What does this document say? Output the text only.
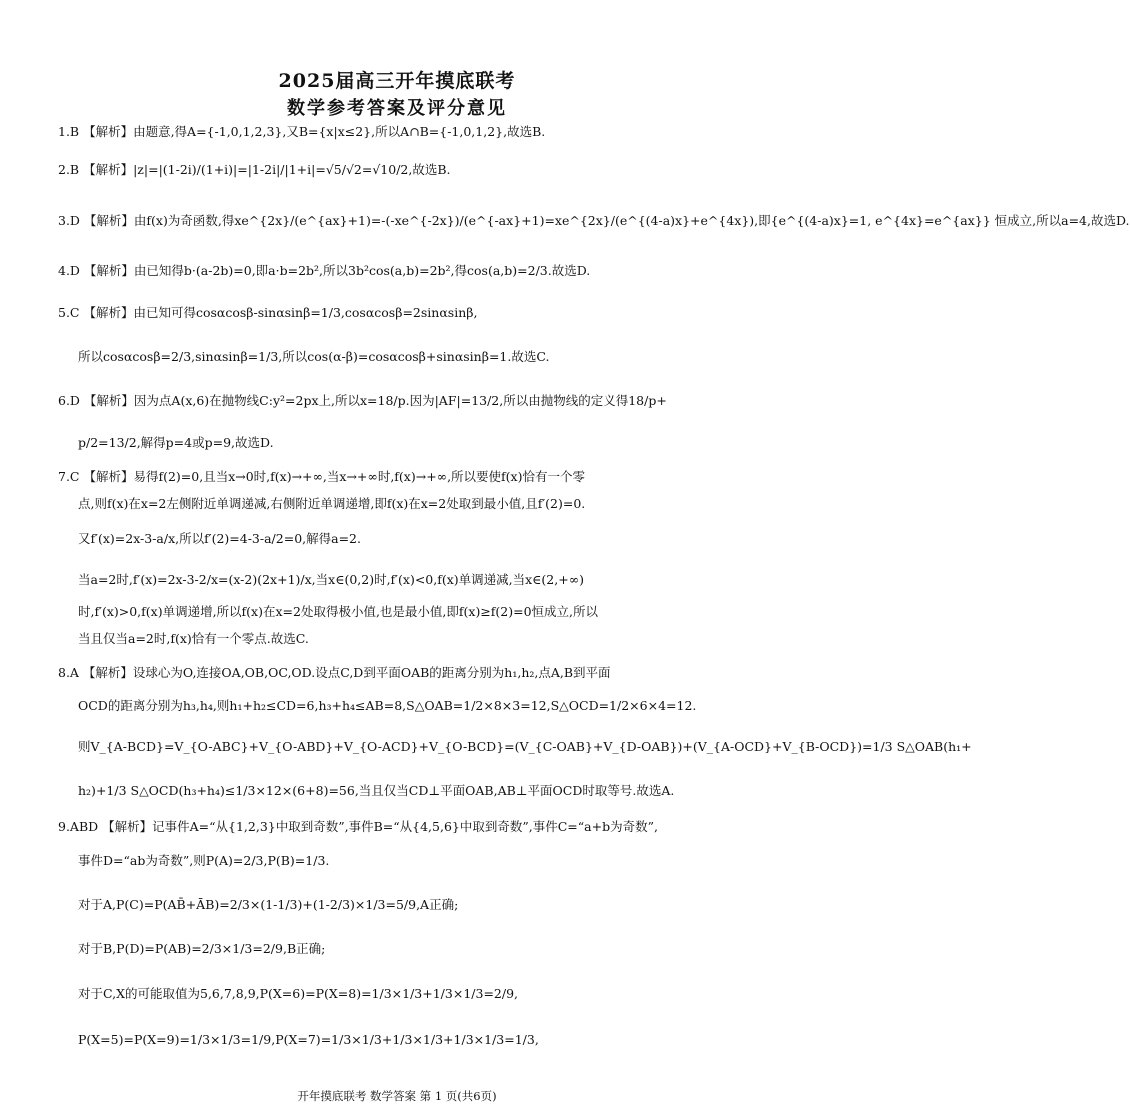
2025届高三开年摸底联考
数学参考答案及评分意见
1.B 【解析】由题意,得A={-1,0,1,2,3},又B={x|x≤2},所以A∩B={-1,0,1,2},故选B.
2.B 【解析】|z|=|(1-2i)/(1+i)|=|1-2i|/|1+i|=√5/√2=√10/2,故选B.
3.D 【解析】由f(x)为奇函数,得xe^{2x}/(e^{ax}+1)=-(-xe^{-2x})/(e^{-ax}+1)=xe^{2x}/(e^{(4-a)x}+e^{4x}),即{e^{(4-a)x}=1, e^{4x}=e^{ax}} 恒成立,所以a=4,故选D.
4.D 【解析】由已知得b·(a-2b)=0,即a·b=2b²,所以3b²cos(a,b)=2b²,得cos(a,b)=2/3.故选D.
5.C 【解析】由已知可得cosαcosβ-sinαsinβ=1/3,cosαcosβ=2sinαsinβ,
所以cosαcosβ=2/3,sinαsinβ=1/3,所以cos(α-β)=cosαcosβ+sinαsinβ=1.故选C.
6.D 【解析】因为点A(x,6)在抛物线C:y²=2px上,所以x=18/p.因为|AF|=13/2,所以由抛物线的定义得18/p+
p/2=13/2,解得p=4或p=9,故选D.
7.C 【解析】易得f(2)=0,且当x→0时,f(x)→+∞,当x→+∞时,f(x)→+∞,所以要使f(x)恰有一个零
点,则f(x)在x=2左侧附近单调递减,右侧附近单调递增,即f(x)在x=2处取到最小值,且f′(2)=0.
又f′(x)=2x-3-a/x,所以f′(2)=4-3-a/2=0,解得a=2.
当a=2时,f′(x)=2x-3-2/x=(x-2)(2x+1)/x,当x∈(0,2)时,f′(x)<0,f(x)单调递减,当x∈(2,+∞)
时,f′(x)>0,f(x)单调递增,所以f(x)在x=2处取得极小值,也是最小值,即f(x)≥f(2)=0恒成立,所以
当且仅当a=2时,f(x)恰有一个零点.故选C.
8.A 【解析】设球心为O,连接OA,OB,OC,OD.设点C,D到平面OAB的距离分别为h₁,h₂,点A,B到平面
OCD的距离分别为h₃,h₄,则h₁+h₂≤CD=6,h₃+h₄≤AB=8,S△OAB=1/2×8×3=12,S△OCD=1/2×6×4=12.
则V_{A-BCD}=V_{O-ABC}+V_{O-ABD}+V_{O-ACD}+V_{O-BCD}=(V_{C-OAB}+V_{D-OAB})+(V_{A-OCD}+V_{B-OCD})=1/3 S△OAB(h₁+
h₂)+1/3 S△OCD(h₃+h₄)≤1/3×12×(6+8)=56,当且仅当CD⊥平面OAB,AB⊥平面OCD时取等号.故选A.
9.ABD 【解析】记事件A=“从{1,2,3}中取到奇数”,事件B=“从{4,5,6}中取到奇数”,事件C=“a+b为奇数”,
事件D=“ab为奇数”,则P(A)=2/3,P(B)=1/3.
对于A,P(C)=P(AB̄+ĀB)=2/3×(1-1/3)+(1-2/3)×1/3=5/9,A正确;
对于B,P(D)=P(AB)=2/3×1/3=2/9,B正确;
对于C,X的可能取值为5,6,7,8,9,P(X=6)=P(X=8)=1/3×1/3+1/3×1/3=2/9,
P(X=5)=P(X=9)=1/3×1/3=1/9,P(X=7)=1/3×1/3+1/3×1/3+1/3×1/3=1/3,
开年摸底联考 数学答案 第 1 页(共6页)
